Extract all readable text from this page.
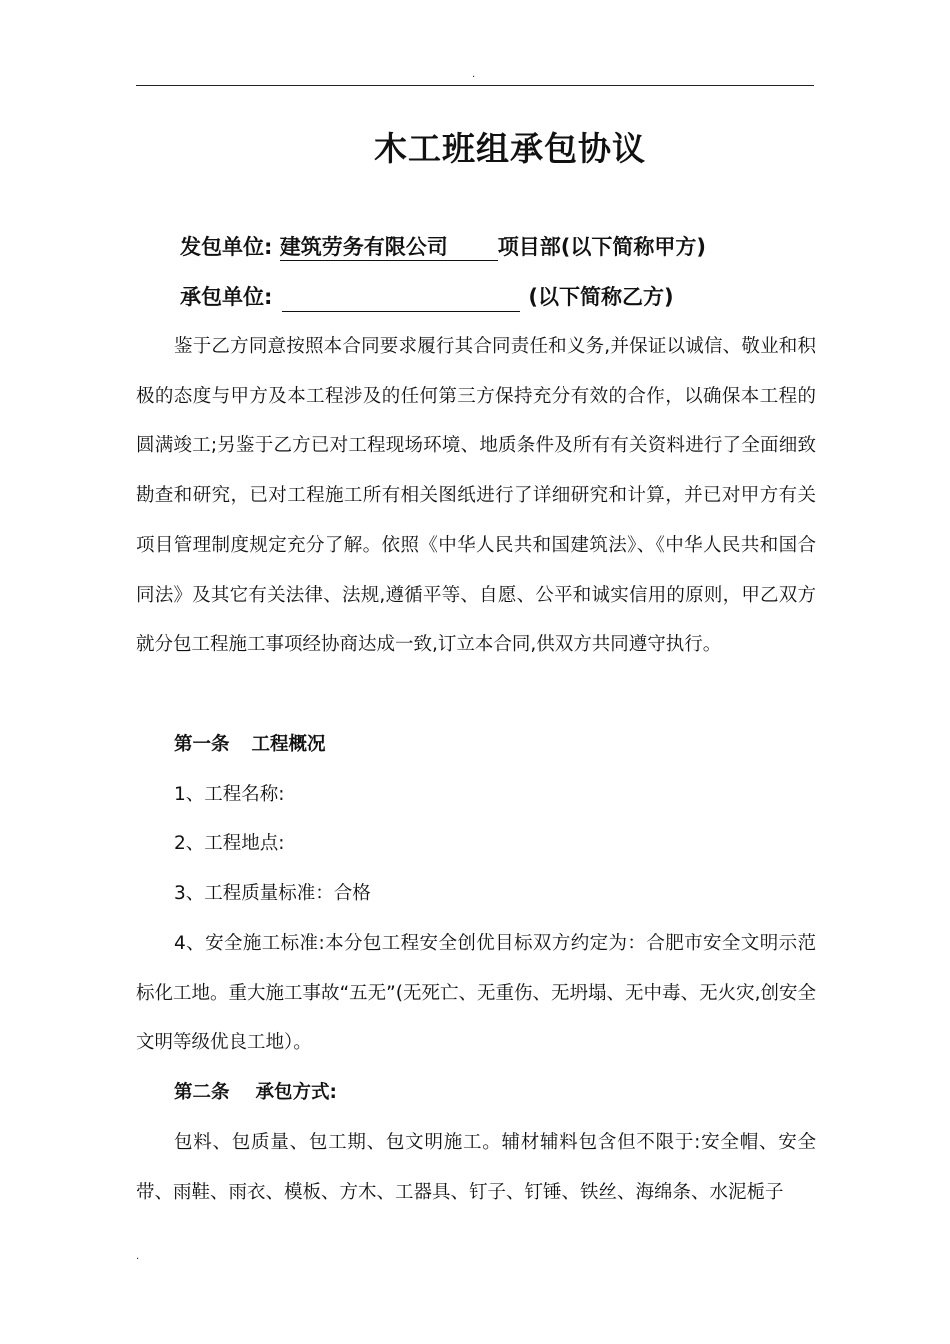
.
木工班组承包协议
发包单位: 建筑劳务有限公司 项目部(以下简称甲方)
承包单位:	(以下简称乙方)
鉴于乙方同意按照本合同要求履行其合同责任和义务,并保证以诚信、敬业和积极的态度与甲方及本工程涉及的任何第三方保持充分有效的合作，以确保本工程的圆满竣工;另鉴于乙方已对工程现场环境、地质条件及所有有关资料进行了全面细致勘查和研究，已对工程施工所有相关图纸进行了详细研究和计算，并已对甲方有关项目管理制度规定充分了解。依照《中华人民共和国建筑法》、《中华人民共和国合同法》及其它有关法律、法规,遵循平等、自愿、公平和诚实信用的原则，甲乙双方就分包工程施工事项经协商达成一致,订立本合同,供双方共同遵守执行。
第一条 工程概况
1、工程名称:
2、工程地点:
3、工程质量标准：合格
4、安全施工标准:本分包工程安全创优目标双方约定为：合肥市安全文明示范标化工地。重大施工事故“五无”(无死亡、无重伤、无坍塌、无中毒、无火灾,创安全文明等级优良工地）。
第二条 承包方式:
包料、包质量、包工期、包文明施工。辅材辅料包含但不限于:安全帽、安全带、雨鞋、雨衣、模板、方木、工器具、钉子、钉锤、铁丝、海绵条、水泥栀子
.
